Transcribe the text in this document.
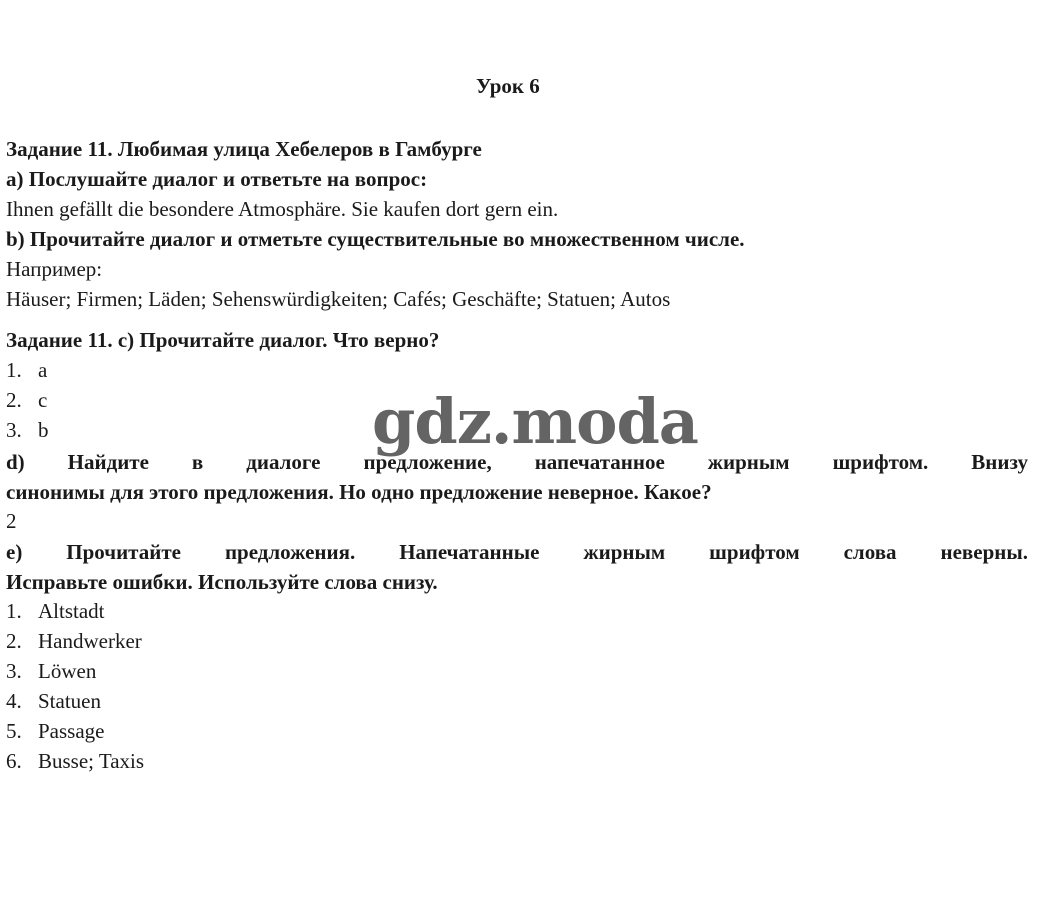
Урок 6
Задание 11. Любимая улица Хебелеров в Гамбурге
a) Послушайте диалог и ответьте на вопрос:
Ihnen gefällt die besondere Atmosphäre. Sie kaufen dort gern ein.
b) Прочитайте диалог и отметьте существительные во множественном числе.
Например:
Häuser; Firmen; Läden; Sehenswürdigkeiten; Cafés; Geschäfte; Statuen; Autos
Задание 11. c) Прочитайте диалог. Что верно?
1. a
2. c
3. b
d) Найдите в диалоге предложение, напечатанное жирным шрифтом. Внизу
синонимы для этого предложения. Но одно предложение неверное. Какое?
2
e) Прочитайте предложения. Напечатанные жирным шрифтом слова неверны.
Исправьте ошибки. Используйте слова снизу.
1. Altstadt
2. Handwerker
3. Löwen
4. Statuen
5. Passage
6. Busse; Taxis
gdz.moda
